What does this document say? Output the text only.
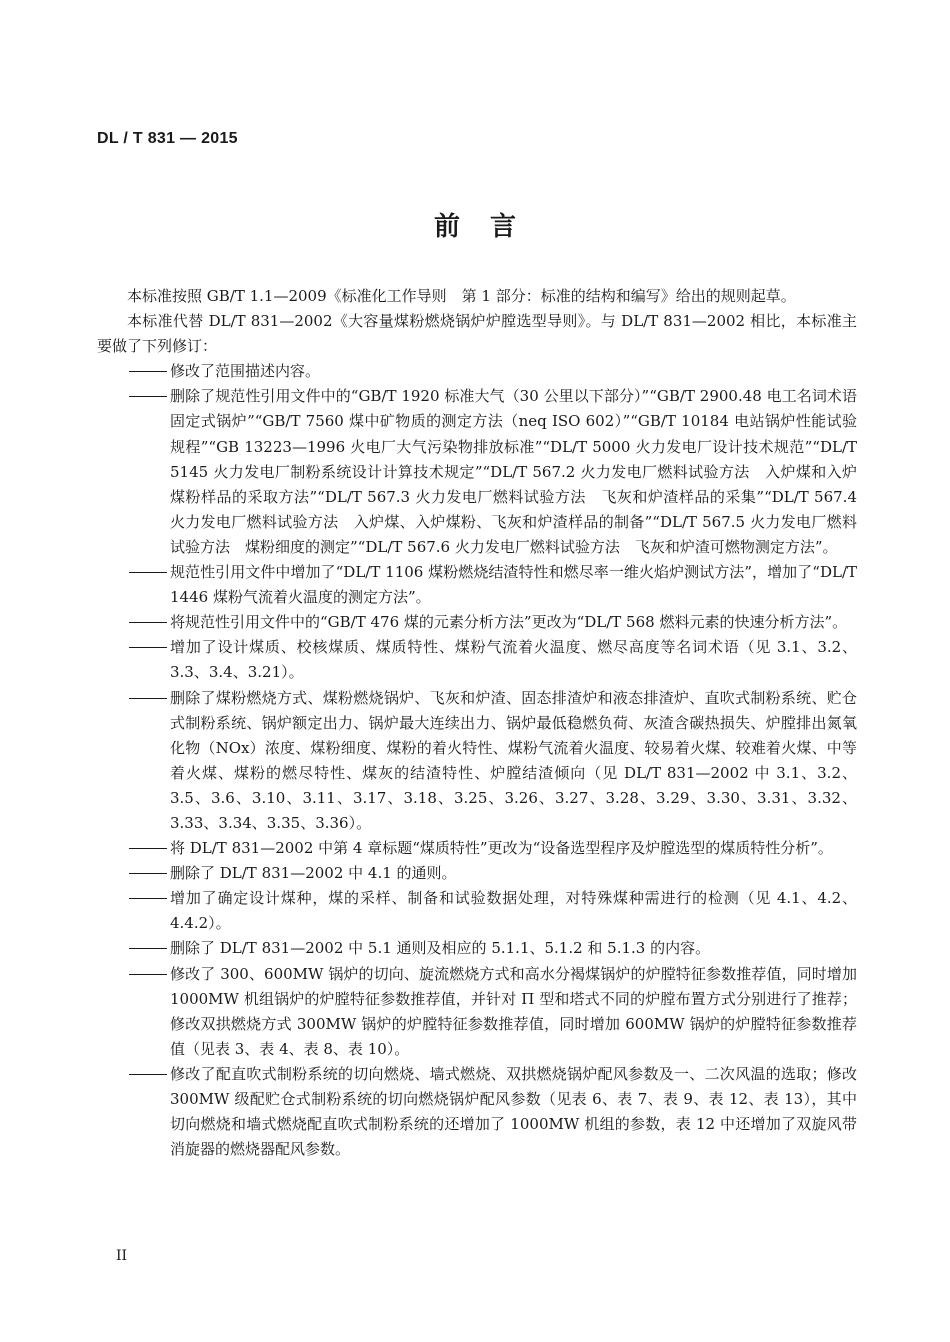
DL / T 831 — 2015
前言

本标准按照 GB/T 1.1—2009《标准化工作导则　第 1 部分：标准的结构和编写》给出的规则起草。

本标准代替 DL/T 831—2002《大容量煤粉燃烧锅炉炉膛选型导则》。与 DL/T 831—2002 相比，本标准主要做了下列修订：

修改了范围描述内容。
删除了规范性引用文件中的“GB/T 1920 标准大气（30 公里以下部分）”“GB/T 2900.48 电工名词术语　固定式锅炉”“GB/T 7560 煤中矿物质的测定方法（neq ISO 602）”“GB/T 10184 电站锅炉性能试验规程”“GB 13223—1996 火电厂大气污染物排放标准”“DL/T 5000 火力发电厂设计技术规范”“DL/T 5145 火力发电厂制粉系统设计计算技术规定”“DL/T 567.2 火力发电厂燃料试验方法　入炉煤和入炉煤粉样品的采取方法”“DL/T 567.3 火力发电厂燃料试验方法　飞灰和炉渣样品的采集”“DL/T 567.4 火力发电厂燃料试验方法　入炉煤、入炉煤粉、飞灰和炉渣样品的制备”“DL/T 567.5 火力发电厂燃料试验方法　煤粉细度的测定”“DL/T 567.6 火力发电厂燃料试验方法　飞灰和炉渣可燃物测定方法”。
规范性引用文件中增加了“DL/T 1106 煤粉燃烧结渣特性和燃尽率一维火焰炉测试方法”，增加了“DL/T 1446 煤粉气流着火温度的测定方法”。
将规范性引用文件中的“GB/T 476 煤的元素分析方法”更改为“DL/T 568 燃料元素的快速分析方法”。
增加了设计煤质、校核煤质、煤质特性、煤粉气流着火温度、燃尽高度等名词术语（见 3.1、3.2、3.3、3.4、3.21）。
删除了煤粉燃烧方式、煤粉燃烧锅炉、飞灰和炉渣、固态排渣炉和液态排渣炉、直吹式制粉系统、贮仓式制粉系统、锅炉额定出力、锅炉最大连续出力、锅炉最低稳燃负荷、灰渣含碳热损失、炉膛排出氮氧化物（NOx）浓度、煤粉细度、煤粉的着火特性、煤粉气流着火温度、较易着火煤、较难着火煤、中等着火煤、煤粉的燃尽特性、煤灰的结渣特性、炉膛结渣倾向（见 DL/T 831—2002 中 3.1、3.2、3.5、3.6、3.10、3.11、3.17、3.18、3.25、3.26、3.27、3.28、3.29、3.30、3.31、3.32、3.33、3.34、3.35、3.36）。
将 DL/T 831—2002 中第 4 章标题“煤质特性”更改为“设备选型程序及炉膛选型的煤质特性分析”。
删除了 DL/T 831—2002 中 4.1 的通则。
增加了确定设计煤种，煤的采样、制备和试验数据处理，对特殊煤种需进行的检测（见 4.1、4.2、4.4.2）。
删除了 DL/T 831—2002 中 5.1 通则及相应的 5.1.1、5.1.2 和 5.1.3 的内容。
修改了 300、600MW 锅炉的切向、旋流燃烧方式和高水分褐煤锅炉的炉膛特征参数推荐值，同时增加 1000MW 机组锅炉的炉膛特征参数推荐值，并针对 Π 型和塔式不同的炉膛布置方式分别进行了推荐；修改双拱燃烧方式 300MW 锅炉的炉膛特征参数推荐值，同时增加 600MW 锅炉的炉膛特征参数推荐值（见表 3、表 4、表 8、表 10）。
修改了配直吹式制粉系统的切向燃烧、墙式燃烧、双拱燃烧锅炉配风参数及一、二次风温的选取；修改 300MW 级配贮仓式制粉系统的切向燃烧锅炉配风参数（见表 6、表 7、表 9、表 12、表 13），其中切向燃烧和墙式燃烧配直吹式制粉系统的还增加了 1000MW 机组的参数，表 12 中还增加了双旋风带消旋器的燃烧器配风参数。
II
